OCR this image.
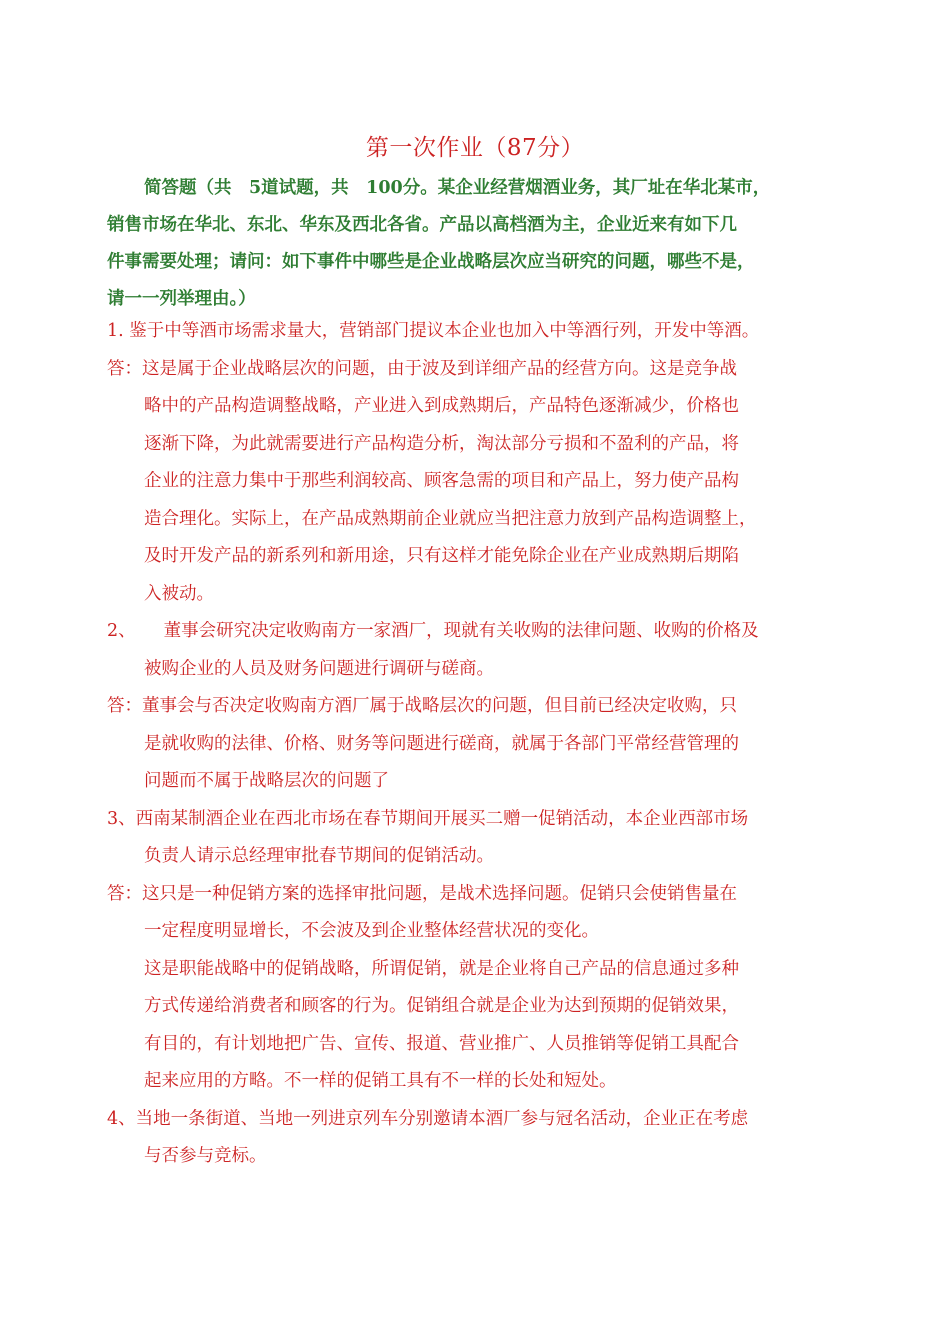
第一次作业（87分）
简答题（共　5道试题，共　100分。某企业经营烟酒业务，其厂址在华北某市，
销售市场在华北、东北、华东及西北各省。产品以高档酒为主，企业近来有如下几
件事需要处理；请问：如下事件中哪些是企业战略层次应当研究的问题，哪些不是，
请一一列举理由。）
1. 鉴于中等酒市场需求量大，营销部门提议本企业也加入中等酒行列，开发中等酒。
答：这是属于企业战略层次的问题，由于波及到详细产品的经营方向。这是竞争战
略中的产品构造调整战略，产业进入到成熟期后，产品特色逐渐减少，价格也
逐渐下降，为此就需要进行产品构造分析，淘汰部分亏损和不盈利的产品，将
企业的注意力集中于那些利润较高、顾客急需的项目和产品上，努力使产品构
造合理化。实际上，在产品成熟期前企业就应当把注意力放到产品构造调整上，
及时开发产品的新系列和新用途，只有这样才能免除企业在产业成熟期后期陷
入被动。
2、 董事会研究决定收购南方一家酒厂，现就有关收购的法律问题、收购的价格及
被购企业的人员及财务问题进行调研与磋商。
答：董事会与否决定收购南方酒厂属于战略层次的问题，但目前已经决定收购，只
是就收购的法律、价格、财务等问题进行磋商，就属于各部门平常经营管理的
问题而不属于战略层次的问题了
3、西南某制酒企业在西北市场在春节期间开展买二赠一促销活动，本企业西部市场
负责人请示总经理审批春节期间的促销活动。
答：这只是一种促销方案的选择审批问题，是战术选择问题。促销只会使销售量在
一定程度明显增长，不会波及到企业整体经营状况的变化。
这是职能战略中的促销战略，所谓促销，就是企业将自己产品的信息通过多种
方式传递给消费者和顾客的行为。促销组合就是企业为达到预期的促销效果，
有目的，有计划地把广告、宣传、报道、营业推广、人员推销等促销工具配合
起来应用的方略。不一样的促销工具有不一样的长处和短处。
4、当地一条街道、当地一列进京列车分别邀请本酒厂参与冠名活动，企业正在考虑
与否参与竞标。
